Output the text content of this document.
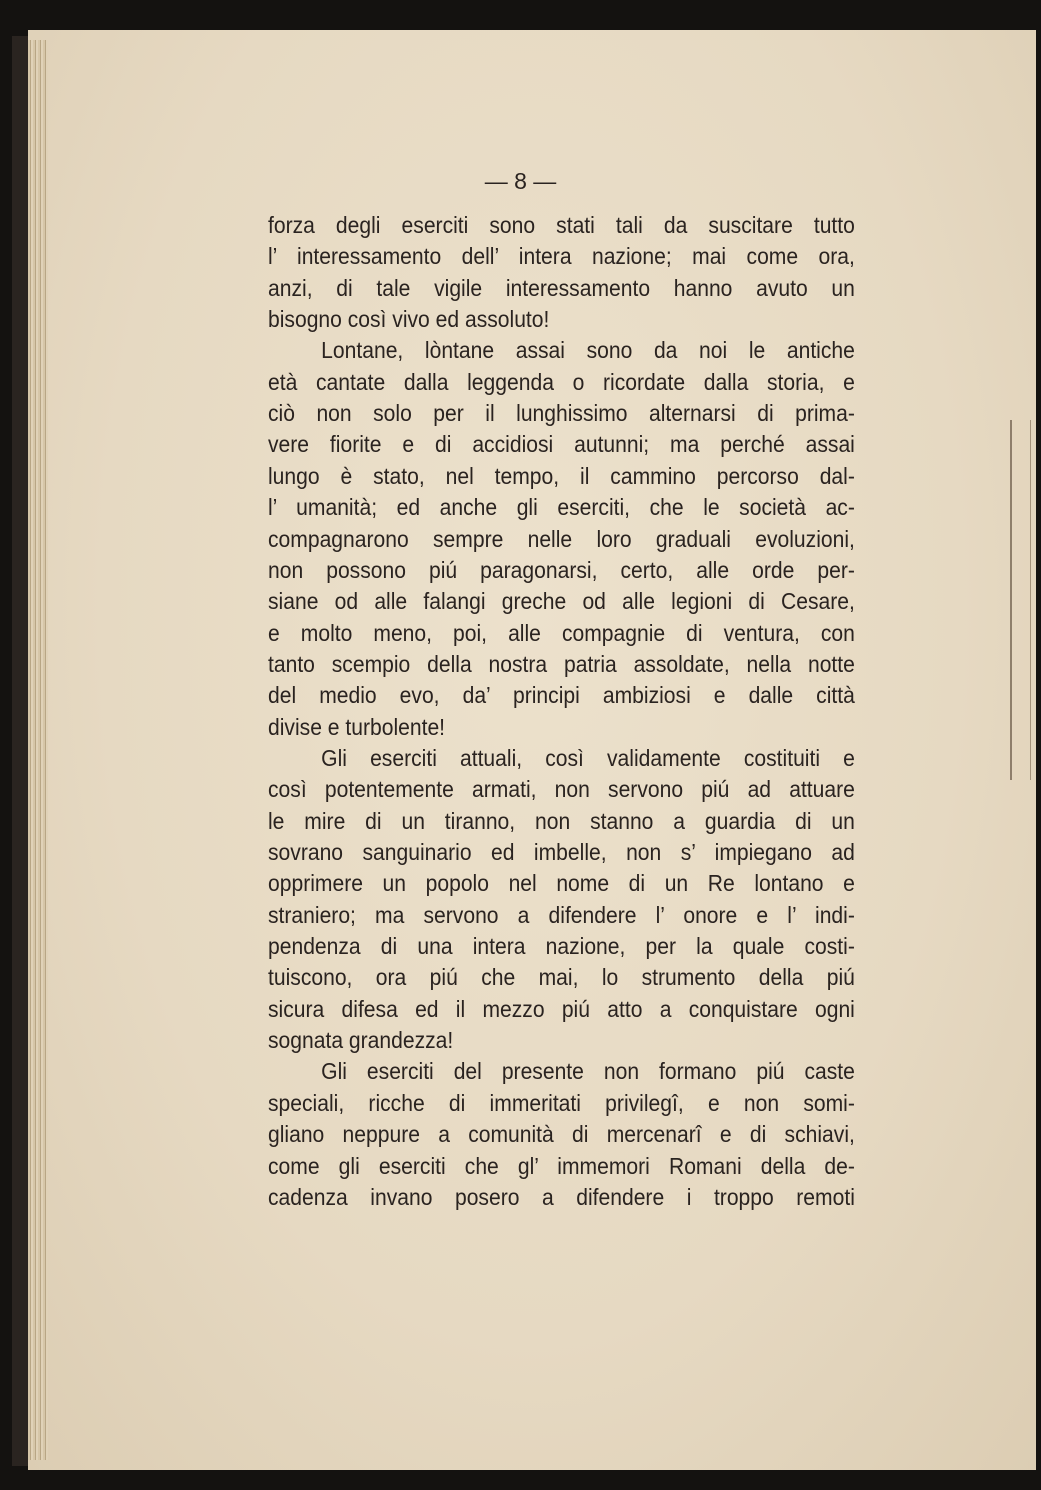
— 8 —
forza degli eserciti sono stati tali da suscitare tutto
l’ interessamento dell’ intera nazione; mai come ora,
anzi, di tale vigile interessamento hanno avuto un
bisogno così vivo ed assoluto!
Lontane, lòntane assai sono da noi le antiche
età cantate dalla leggenda o ricordate dalla storia, e
ciò non solo per il lunghissimo alternarsi di prima-
vere fiorite e di accidiosi autunni; ma perché assai
lungo è stato, nel tempo, il cammino percorso dal-
l’ umanità; ed anche gli eserciti, che le società ac-
compagnarono sempre nelle loro graduali evoluzioni,
non possono piú paragonarsi, certo, alle orde per-
siane od alle falangi greche od alle legioni di Cesare,
e molto meno, poi, alle compagnie di ventura, con
tanto scempio della nostra patria assoldate, nella notte
del medio evo, da’ principi ambiziosi e dalle città
divise e turbolente!
Gli eserciti attuali, così validamente costituiti e
così potentemente armati, non servono piú ad attuare
le mire di un tiranno, non stanno a guardia di un
sovrano sanguinario ed imbelle, non s’ impiegano ad
opprimere un popolo nel nome di un Re lontano e
straniero; ma servono a difendere l’ onore e l’ indi-
pendenza di una intera nazione, per la quale costi-
tuiscono, ora piú che mai, lo strumento della piú
sicura difesa ed il mezzo piú atto a conquistare ogni
sognata grandezza!
Gli eserciti del presente non formano piú caste
speciali, ricche di immeritati privilegî, e non somi-
gliano neppure a comunità di mercenarî e di schiavi,
come gli eserciti che gl’ immemori Romani della de-
cadenza invano posero a difendere i troppo remoti
